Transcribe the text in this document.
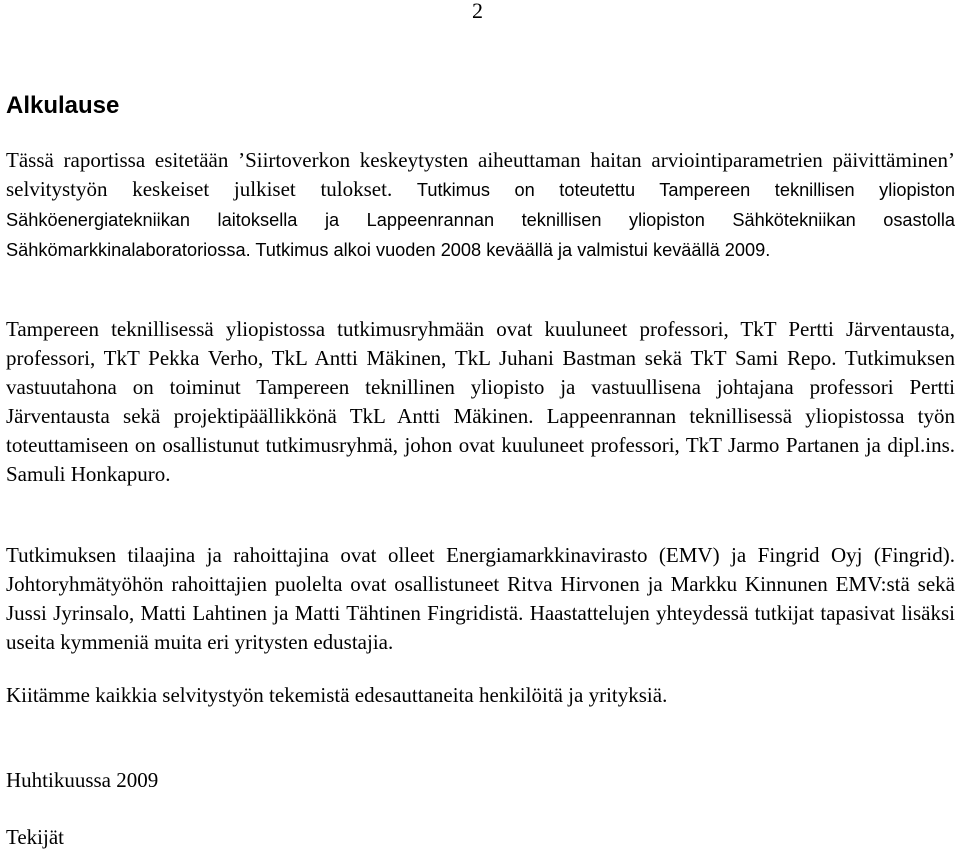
2
Alkulause

Tässä raportissa esitetään ’Siirtoverkon keskeytysten aiheuttaman haitan arviointiparametrien päivittäminen’ selvitystyön keskeiset julkiset tulokset. Tutkimus on toteutettu Tampereen teknillisen yliopiston Sähköenergiatekniikan laitoksella ja Lappeenrannan teknillisen yliopiston Sähkötekniikan osastolla Sähkömarkkinalaboratoriossa. Tutkimus alkoi vuoden 2008 keväällä ja valmistui keväällä 2009.

Tampereen teknillisessä yliopistossa tutkimusryhmään ovat kuuluneet professori, TkT Pertti Järventausta, professori, TkT Pekka Verho, TkL Antti Mäkinen, TkL Juhani Bastman sekä TkT Sami Repo. Tutkimuksen vastuutahona on toiminut Tampereen teknillinen yliopisto ja vastuullisena johtajana professori Pertti Järventausta sekä projektipäällikkönä TkL Antti Mäkinen. Lappeenrannan teknillisessä yliopistossa työn toteuttamiseen on osallistunut tutkimusryhmä, johon ovat kuuluneet professori, TkT Jarmo Partanen ja dipl.ins. Samuli Honkapuro.

Tutkimuksen tilaajina ja rahoittajina ovat olleet Energiamarkkinavirasto (EMV) ja Fingrid Oyj (Fingrid). Johtoryhmätyöhön rahoittajien puolelta ovat osallistuneet Ritva Hirvonen ja Markku Kinnunen EMV:stä sekä Jussi Jyrinsalo, Matti Lahtinen ja Matti Tähtinen Fingridistä. Haastattelujen yhteydessä tutkijat tapasivat lisäksi useita kymmeniä muita eri yritysten edustajia.

Kiitämme kaikkia selvitystyön tekemistä edesauttaneita henkilöitä ja yrityksiä.

Huhtikuussa 2009

Tekijät
